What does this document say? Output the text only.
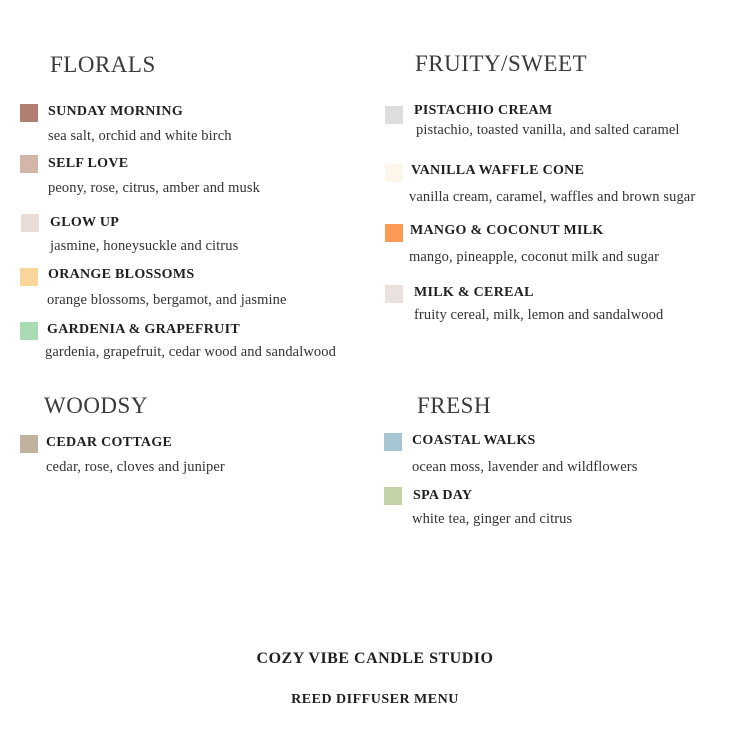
FLORALS
SUNDAY MORNING
sea salt, orchid and white birch
SELF LOVE
peony, rose, citrus, amber and musk
GLOW UP
jasmine, honeysuckle and citrus
ORANGE BLOSSOMS
orange blossoms, bergamot, and jasmine
GARDENIA & GRAPEFRUIT
gardenia, grapefruit, cedar wood and sandalwood
FRUITY/SWEET
PISTACHIO CREAM
pistachio, toasted vanilla, and salted caramel
VANILLA WAFFLE CONE
vanilla cream, caramel, waffles and brown sugar
MANGO & COCONUT MILK
mango, pineapple, coconut milk and sugar
MILK & CEREAL
fruity cereal, milk, lemon and sandalwood
WOODSY
CEDAR COTTAGE
cedar, rose, cloves and juniper
FRESH
COASTAL WALKS
ocean moss, lavender and wildflowers
SPA DAY
white tea, ginger and citrus
COZY VIBE CANDLE STUDIO
REED DIFFUSER MENU
